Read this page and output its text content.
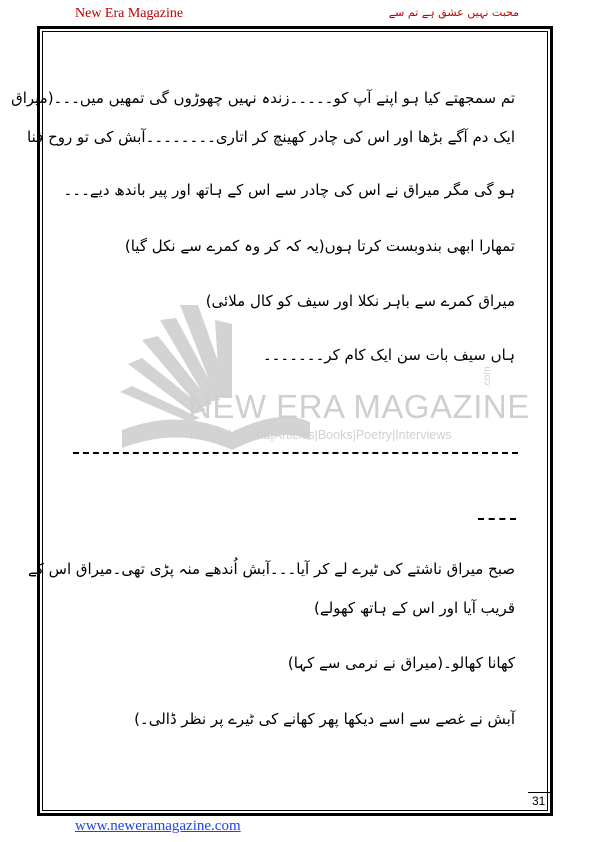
New Era Magazine	محبت نہیں عشق ہے تم سے
NEW ERA MAGAZINE
.com
Novels|Afsana|Articles|Books|Poetry|Interviews
تم سمجھتے کیا ہو اپنے آپ کو۔۔۔۔۔زندہ نہیں چھوڑوں گی تمھیں میں۔۔۔(میراق
ایک دم آگے بڑھا اور اس کی چادر کھینچ کر اتاری۔۔۔۔۔۔۔۔آبش کی تو روح فنا
ہو گی مگر میراق نے اس کی چادر سے اس کے ہاتھ اور پیر باندھ دیے۔۔۔
تمھارا ابھی بندوبست کرتا ہوں(یہ کہ کر وہ کمرے سے نکل گیا)
میراق کمرے سے باہر نکلا اور سیف کو کال ملائی)
ہاں سیف بات سن ایک کام کر۔۔۔۔۔۔۔
صبح میراق ناشتے کی ٹیرے لے کر آیا۔۔۔آبش اُندھے منہ پڑی تھی۔میراق اس کے
قریب آیا اور اس کے ہاتھ کھولے)
کھانا کھالو۔(میراق نے نرمی سے کہا)
آبش نے غصے سے اسے دیکھا پھر کھانے کی ٹیرے پر نظر ڈالی۔)
31
www.neweramagazine.com
